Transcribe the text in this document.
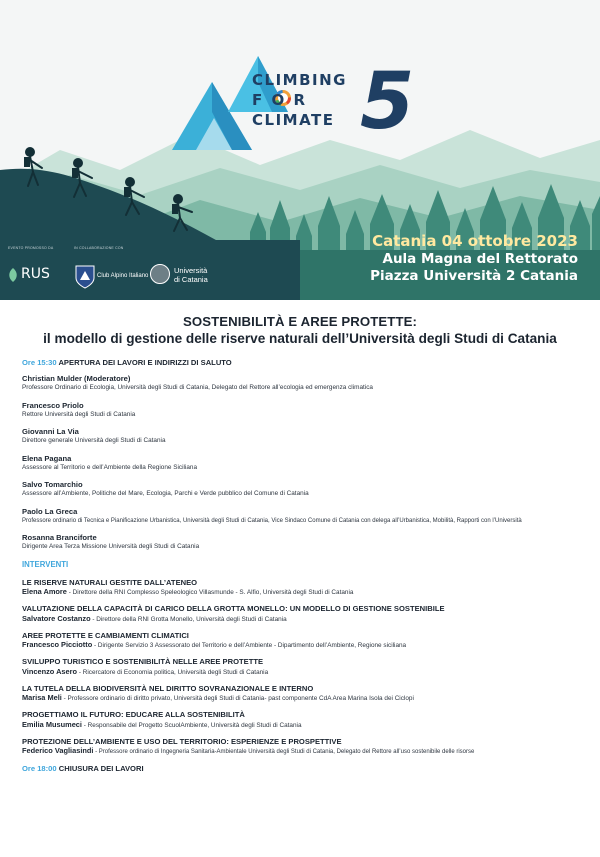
CLIMBING
F O R
CLIMATE 5
Catania 04 ottobre 2023
Aula Magna del Rettorato
Piazza Università 2 Catania
EVENTO PROMOSSO DA	IN COLLABORAZIONE CON
RUS	Club Alpino Italiano
Università
di Catania
SOSTENIBILITÀ E AREE PROTETTE:
il modello di gestione delle riserve naturali dell’Università degli Studi di Catania
Ore 15:30 APERTURA DEI LAVORI E INDIRIZZI DI SALUTO
Christian Mulder (Moderatore)
Professore Ordinario di Ecologia, Università degli Studi di Catania, Delegato del Rettore all’ecologia ed emergenza climatica
Francesco Priolo
Rettore Università degli Studi di Catania
Giovanni La Via
Direttore generale Università degli Studi di Catania
Elena Pagana
Assessore al Territorio e dell’Ambiente della Regione Siciliana
Salvo Tomarchio
Assessore all’Ambiente, Politiche del Mare, Ecologia, Parchi e Verde pubblico del Comune di Catania
Paolo La Greca
Professore ordinario di Tecnica e Pianificazione Urbanistica, Università degli Studi di Catania, Vice Sindaco Comune di Catania con delega all’Urbanistica, Mobilità, Rapporti con l’Università
Rosanna Branciforte
Dirigente Area Terza Missione Università degli Studi di Catania
INTERVENTI
LE RISERVE NATURALI GESTITE DALL’ATENEO
Elena Amore - Direttore della RNI Complesso Speleologico Villasmunde - S. Alfio, Università degli Studi di Catania
VALUTAZIONE DELLA CAPACITÀ DI CARICO DELLA GROTTA MONELLO: UN MODELLO DI GESTIONE SOSTENIBILE
Salvatore Costanzo - Direttore della RNI Grotta Monello, Università degli Studi di Catania
AREE PROTETTE E CAMBIAMENTI CLIMATICI
Francesco Picciotto - Dirigente Servizio 3 Assessorato del Territorio e dell’Ambiente - Dipartimento dell’Ambiente, Regione siciliana
SVILUPPO TURISTICO E SOSTENIBILITÀ NELLE AREE PROTETTE
Vincenzo Asero - Ricercatore di Economia politica, Università degli Studi di Catania
LA TUTELA DELLA BIODIVERSITÀ NEL DIRITTO SOVRANAZIONALE E INTERNO
Marisa Meli - Professore ordinario di diritto privato, Università degli Studi di Catania- past componente CdA Area Marina Isola dei Ciclopi
PROGETTIAMO IL FUTURO: EDUCARE ALLA SOSTENIBILITÀ
Emilia Musumeci - Responsabile del Progetto ScuolAmbiente, Università degli Studi di Catania
PROTEZIONE DELL’AMBIENTE E USO DEL TERRITORIO: ESPERIENZE E PROSPETTIVE
Federico Vagliasindi - Professore ordinario di Ingegneria Sanitaria-Ambientale Università degli Studi di Catania, Delegato del Rettore all’uso sostenibile delle risorse
Ore 18:00 CHIUSURA DEI LAVORI
